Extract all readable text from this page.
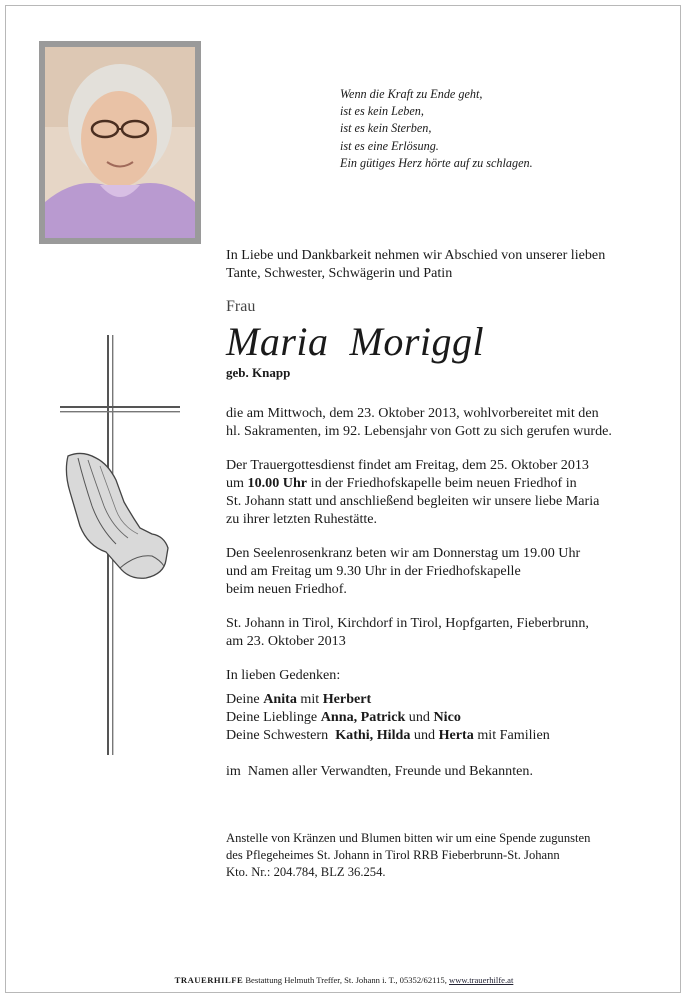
Wenn die Kraft zu Ende geht,
ist es kein Leben,
ist es kein Sterben,
ist es eine Erlösung.
Ein gütiges Herz hörte auf zu schlagen.
In Liebe und Dankbarkeit nehmen wir Abschied von unserer lieben
Tante, Schwester, Schwägerin und Patin
Frau
Maria  Moriggl
geb. Knapp
die am Mittwoch, dem 23. Oktober 2013, wohlvorbereitet mit den
hl. Sakramenten, im 92. Lebensjahr von Gott zu sich gerufen wurde.
Der Trauergottesdienst findet am Freitag, dem 25. Oktober 2013
um 10.00 Uhr in der Friedhofskapelle beim neuen Friedhof in
St. Johann statt und anschließend begleiten wir unsere liebe Maria
zu ihrer letzten Ruhestätte.
Den Seelenrosenkranz beten wir am Donnerstag um 19.00 Uhr
und am Freitag um 9.30 Uhr in der Friedhofskapelle
beim neuen Friedhof.
St. Johann in Tirol, Kirchdorf in Tirol, Hopfgarten, Fieberbrunn,
am 23. Oktober 2013
In lieben Gedenken:
Deine Anita mit Herbert
Deine Lieblinge Anna, Patrick und Nico
Deine Schwestern  Kathi, Hilda und Herta mit Familien
im  Namen aller Verwandten, Freunde und Bekannten.
Anstelle von Kränzen und Blumen bitten wir um eine Spende zugunsten
des Pflegeheimes St. Johann in Tirol RRB Fieberbrunn-St. Johann
Kto. Nr.: 204.784, BLZ 36.254.
TRAUERHILFE Bestattung Helmuth Treffer, St. Johann i. T., 05352/62115, www.trauerhilfe.at
